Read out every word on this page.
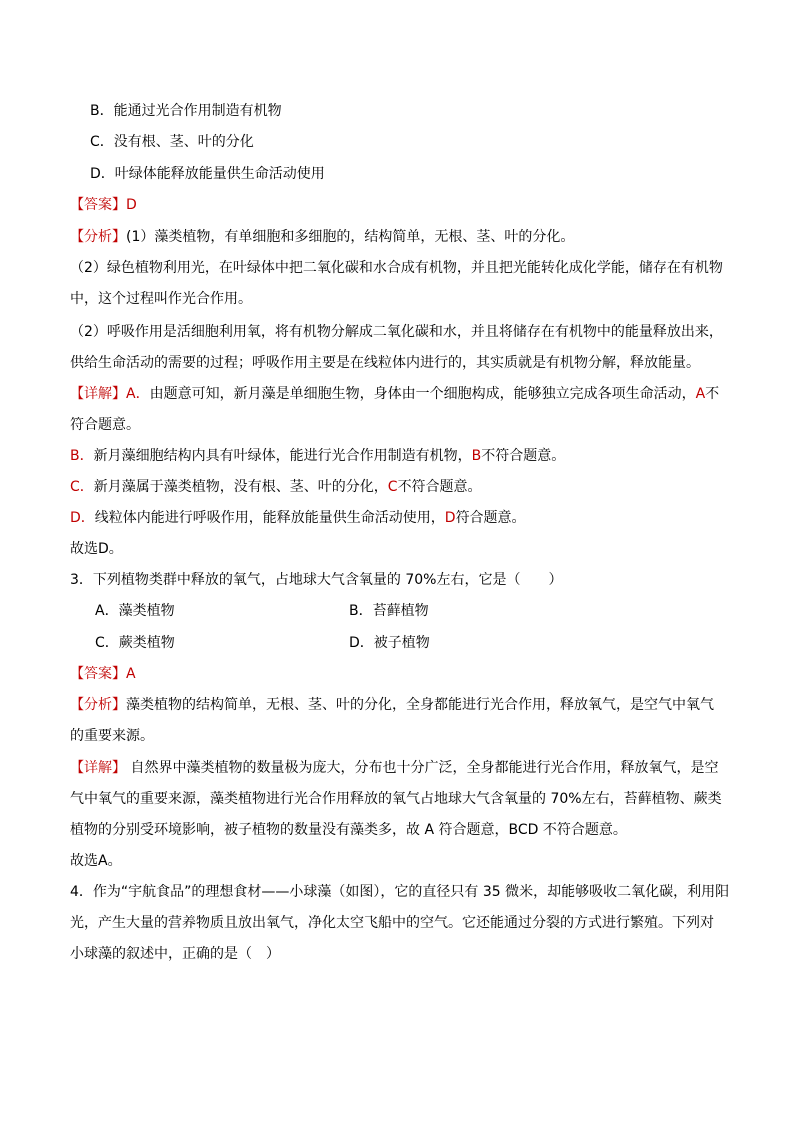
B．能通过光合作用制造有机物
C．没有根、茎、叶的分化
D．叶绿体能释放能量供生命活动使用
【答案】D
【分析】(1）藻类植物，有单细胞和多细胞的，结构简单，无根、茎、叶的分化。
（2）绿色植物利用光，在叶绿体中把二氧化碳和水合成有机物，并且把光能转化成化学能，储存在有机物
中，这个过程叫作光合作用。
（2）呼吸作用是活细胞利用氧，将有机物分解成二氧化碳和水，并且将储存在有机物中的能量释放出来，
供给生命活动的需要的过程；呼吸作用主要是在线粒体内进行的，其实质就是有机物分解，释放能量。
【详解】A．由题意可知，新月藻是单细胞生物，身体由一个细胞构成，能够独立完成各项生命活动，A不
符合题意。
B．新月藻细胞结构内具有叶绿体，能进行光合作用制造有机物，B不符合题意。
C．新月藻属于藻类植物，没有根、茎、叶的分化，C不符合题意。
D．线粒体内能进行呼吸作用，能释放能量供生命活动使用，D符合题意。
故选D。
3．下列植物类群中释放的氧气，占地球大气含氧量的 70%左右，它是（　　）
A．藻类植物	B．苔藓植物
C．蕨类植物	D．被子植物
【答案】A
【分析】藻类植物的结构简单，无根、茎、叶的分化，全身都能进行光合作用，释放氧气，是空气中氧气
的重要来源。
【详解】 自然界中藻类植物的数量极为庞大，分布也十分广泛，全身都能进行光合作用，释放氧气，是空
气中氧气的重要来源，藻类植物进行光合作用释放的氧气占地球大气含氧量的 70%左右，苔藓植物、蕨类
植物的分别受环境影响，被子植物的数量没有藻类多，故 A 符合题意，BCD 不符合题意。
故选A。
4．作为“宇航食品”的理想食材——小球藻（如图），它的直径只有 35 微米，却能够吸收二氧化碳，利用阳
光，产生大量的营养物质且放出氧气，净化太空飞船中的空气。它还能通过分裂的方式进行繁殖。下列对
小球藻的叙述中，正确的是（　）
